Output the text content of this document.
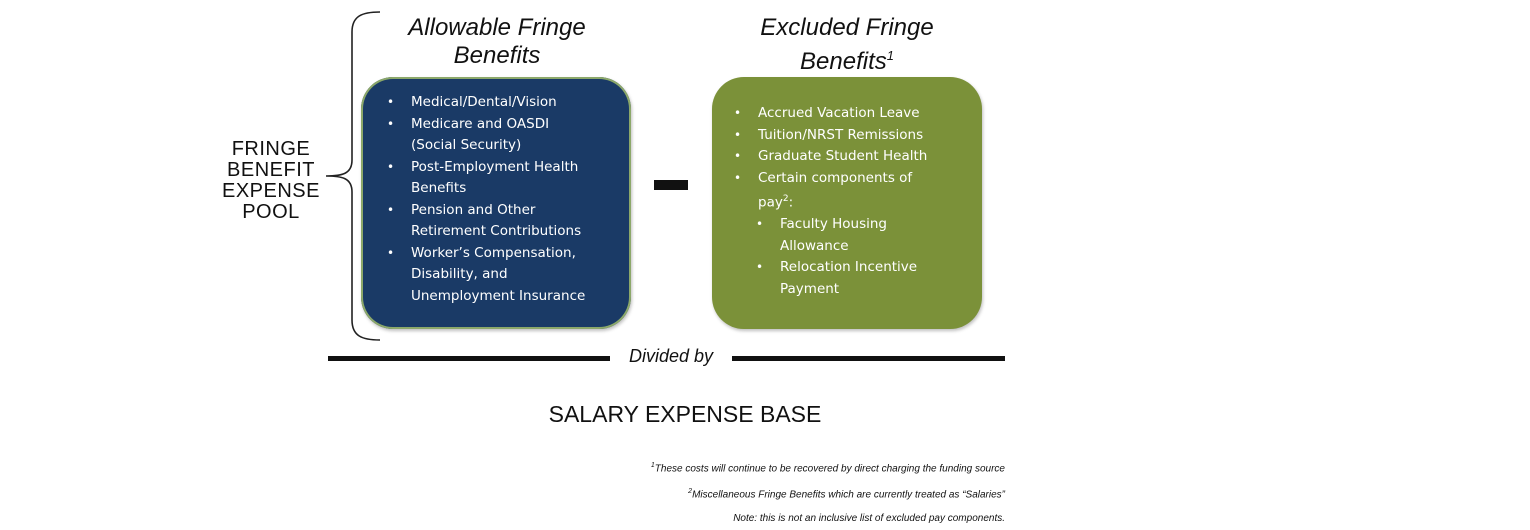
FRINGE
BENEFIT
EXPENSE
POOL
Allowable Fringe
Benefits
Excluded Fringe
Benefits$^1$
• Medical/Dental/Vision
• Medicare and OASDI
(Social Security)
• Post-Employment Health
Benefits
• Pension and Other
Retirement Contributions
• Worker’s Compensation,
Disability, and
Unemployment Insurance
• Accrued Vacation Leave
• Tuition/NRST Remissions
• Graduate Student Health
• Certain components of
pay$^2$:
• Faculty Housing
Allowance
• Relocation Incentive
Payment
Divided by
SALARY EXPENSE BASE
$^1$These costs will continue to be recovered by direct charging the funding source
$^2$Miscellaneous Fringe Benefits which are currently treated as “Salaries”
Note: this is not an inclusive list of excluded pay components.
